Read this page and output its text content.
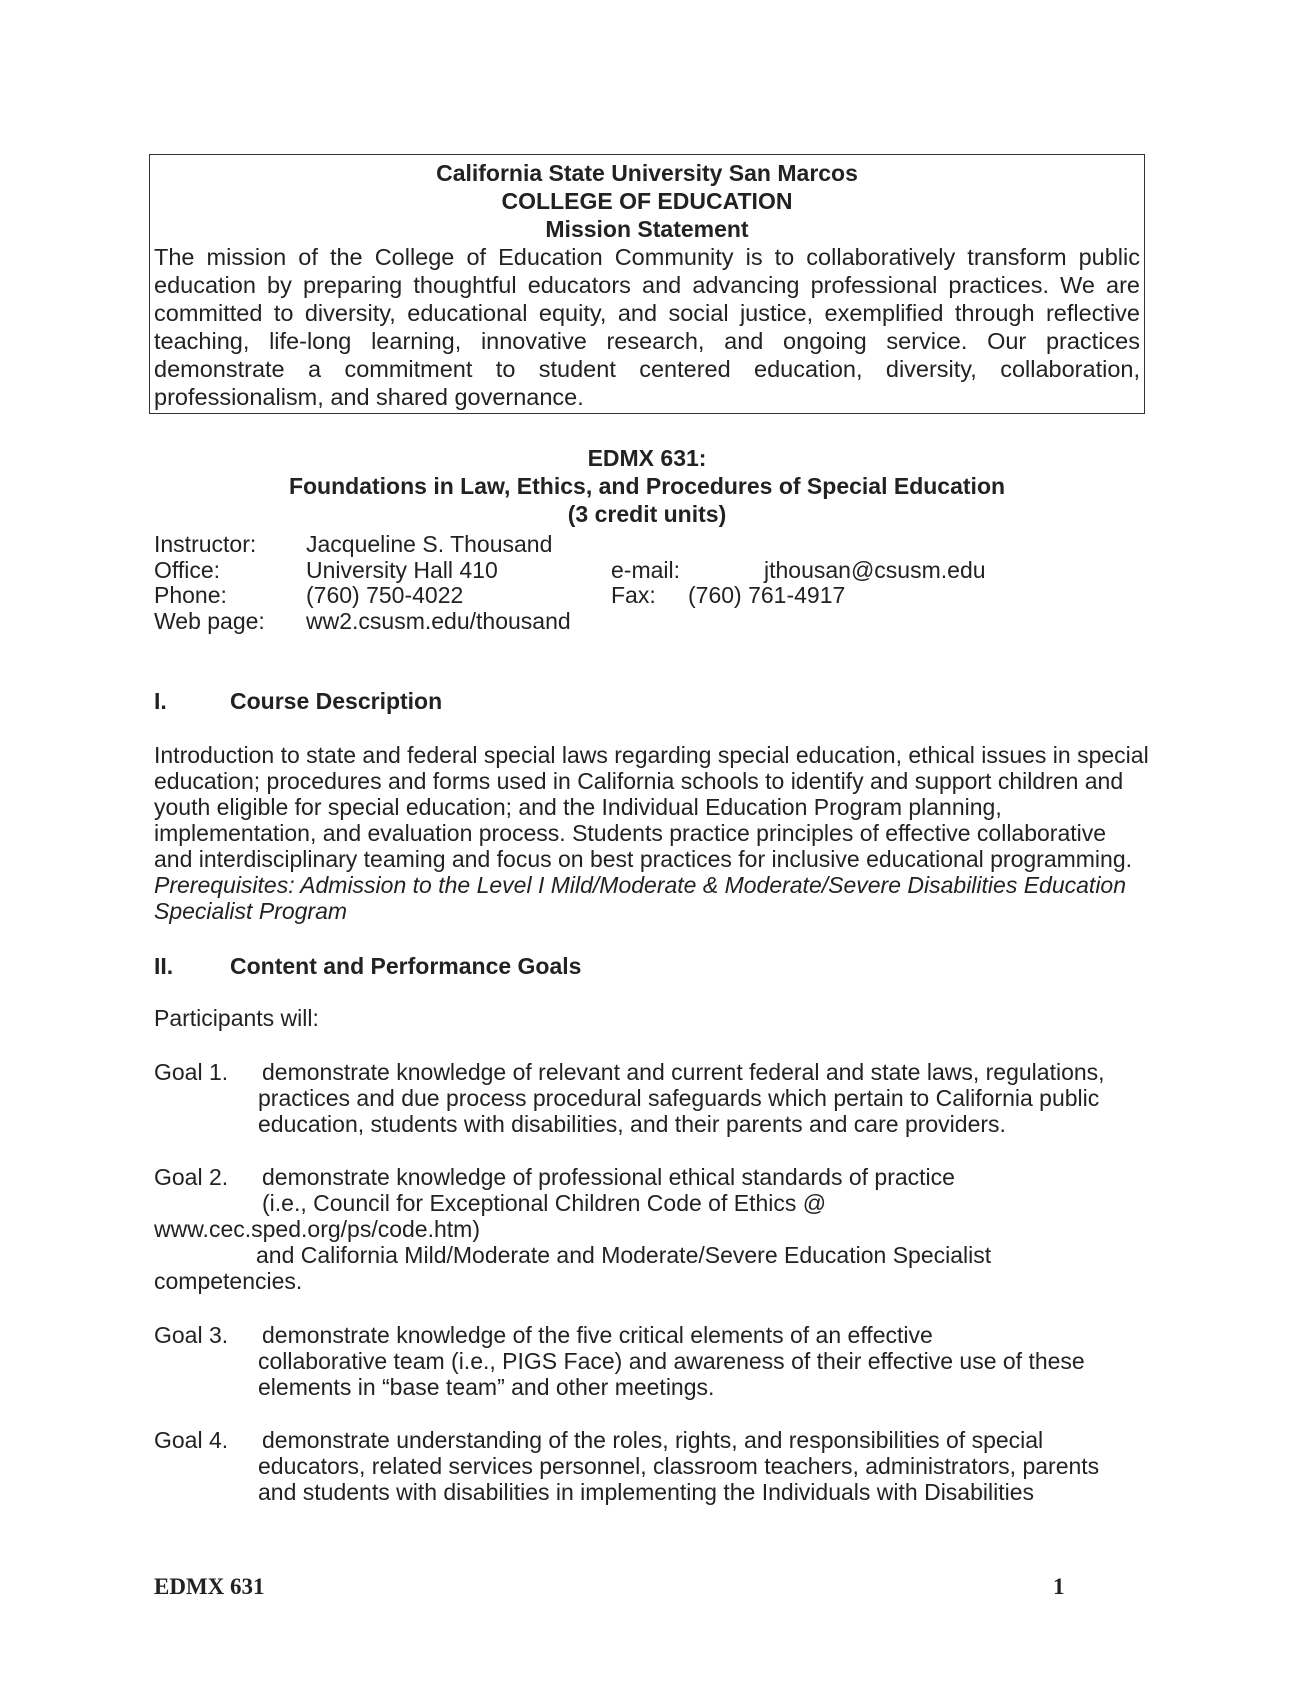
California State University San Marcos
COLLEGE OF EDUCATION
Mission Statement
The mission of the College of Education Community is to collaboratively transform public education by preparing thoughtful educators and advancing professional practices. We are committed to diversity, educational equity, and social justice, exemplified through reflective teaching, life-long learning, innovative research, and ongoing service. Our practices demonstrate a commitment to student centered education, diversity, collaboration, professionalism, and shared governance.
EDMX 631:
Foundations in Law, Ethics, and Procedures of Special Education
(3 credit units)
Instructor: Jacqueline S. Thousand
Office:	University Hall 410	e-mail:	jthousan@csusm.edu
Phone:	(760) 750-4022	Fax: (760) 761-4917
Web page: ww2.csusm.edu/thousand
I.	Course Description
Introduction to state and federal special laws regarding special education, ethical issues in special education; procedures and forms used in California schools to identify and support children and youth eligible for special education; and the Individual Education Program planning, implementation, and evaluation process. Students practice principles of effective collaborative and interdisciplinary teaming and focus on best practices for inclusive educational programming.  Prerequisites: Admission to the Level I Mild/Moderate & Moderate/Severe Disabilities Education Specialist Program
II. Content and Performance Goals
Participants will:
Goal 1. demonstrate knowledge of relevant and current federal and state laws, regulations,
practices and due process procedural safeguards which pertain to California public
education, students with disabilities, and their parents and care providers.
Goal 2. demonstrate knowledge of professional ethical standards of practice
(i.e., Council for Exceptional Children Code of Ethics @
www.cec.sped.org/ps/code.htm)
and California Mild/Moderate and Moderate/Severe Education Specialist
competencies.
Goal 3. demonstrate knowledge of the five critical elements of an effective
collaborative team (i.e., PIGS Face) and awareness of their effective use of these
elements in “base team” and other meetings.
Goal 4. demonstrate understanding of the roles, rights, and responsibilities of special
educators, related services personnel, classroom teachers, administrators, parents
and students with disabilities in implementing the Individuals with Disabilities
EDMX 631	1
